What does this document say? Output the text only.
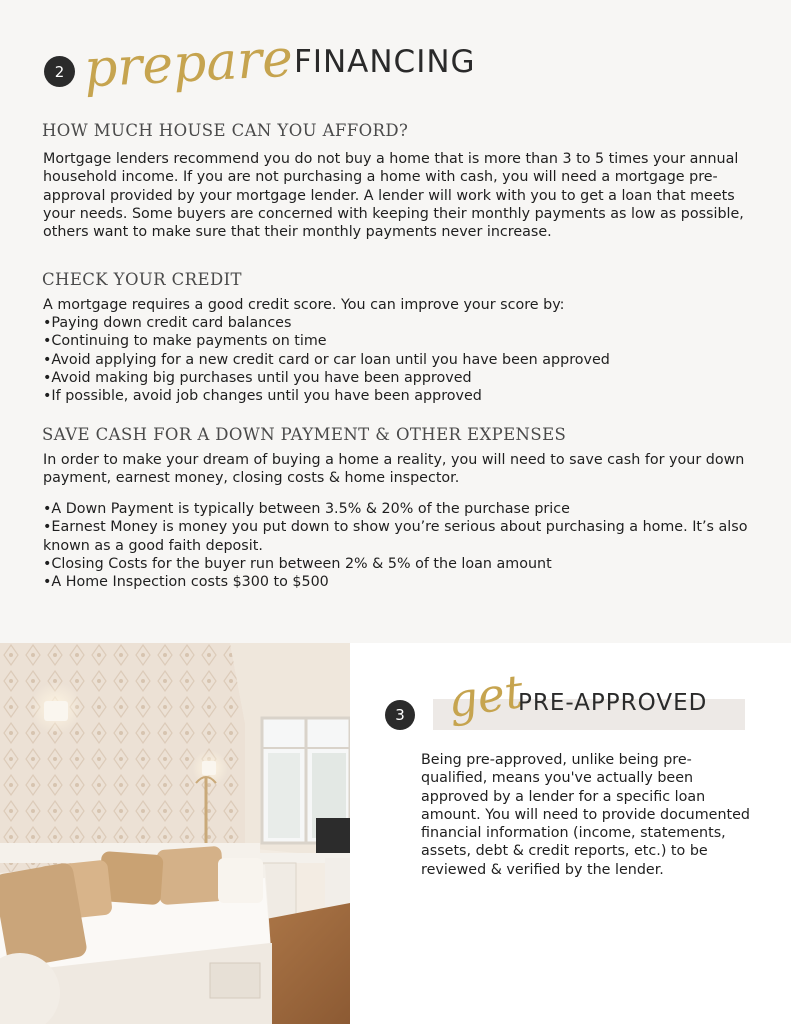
2 prepare FINANCING
HOW MUCH HOUSE CAN YOU AFFORD?

Mortgage lenders recommend you do not buy a home that is more than 3 to 5 times your annual household income. If you are not purchasing a home with cash, you will need a mortgage pre-approval provided by your mortgage lender. A lender will work with you to get a loan that meets your needs. Some buyers are concerned with keeping their monthly payments as low as possible, others want to make sure that their monthly payments never increase.

CHECK YOUR CREDIT

A mortgage requires a good credit score. You can improve your score by:

•Paying down credit card balances
•Continuing to make payments on time
•Avoid applying for a new credit card or car loan until you have been approved
•Avoid making big purchases until you have been approved
•If possible, avoid job changes until you have been approved
SAVE CASH FOR A DOWN PAYMENT & OTHER EXPENSES

In order to make your dream of buying a home a reality, you will need to save cash for your down payment, earnest money, closing costs & home inspector.

•A Down Payment is typically between 3.5% & 20% of the purchase price
•Earnest Money is money you put down to show you’re serious about purchasing a home. It’s also known as a good faith deposit.
•Closing Costs for the buyer run between 2% & 5% of the loan amount
•A Home Inspection costs $300 to $500
3 get
PRE-APPROVED

Being pre-approved, unlike being pre-qualified, means you've actually been approved by a lender for a specific loan amount. You will need to provide documented financial information (income, statements, assets, debt & credit reports, etc.) to be reviewed & verified by the lender.
